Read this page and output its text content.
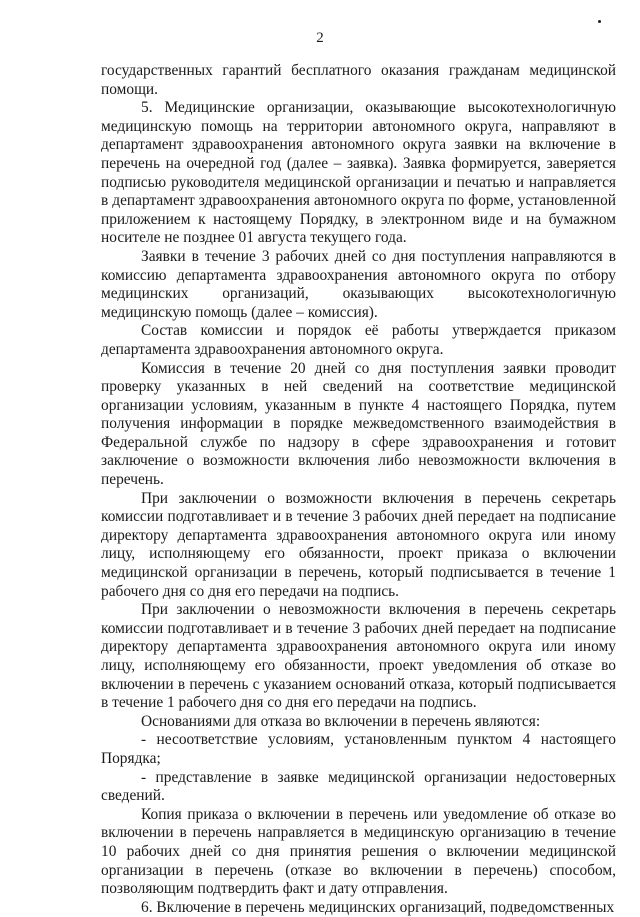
2

государственных гарантий бесплатного оказания гражданам медицинской помощи.

5. Медицинские организации, оказывающие высокотехнологичную медицинскую помощь на территории автономного округа, направляют в департамент здравоохранения автономного округа заявки на включение в перечень на очередной год (далее – заявка). Заявка формируется, заверяется подписью руководителя медицинской организации и печатью и направляется в департамент здравоохранения автономного округа по форме, установленной приложением к настоящему Порядку, в электронном виде и на бумажном носителе не позднее 01 августа текущего года.

Заявки в течение 3 рабочих дней со дня поступления направляются в комиссию департамента здравоохранения автономного округа по отбору медицинских организаций, оказывающих высокотехнологичную медицинскую помощь (далее – комиссия).

Состав комиссии и порядок её работы утверждается приказом департамента здравоохранения автономного округа.

Комиссия в течение 20 дней со дня поступления заявки проводит проверку указанных в ней сведений на соответствие медицинской организации условиям, указанным в пункте 4 настоящего Порядка, путем получения информации в порядке межведомственного взаимодействия в Федеральной службе по надзору в сфере здравоохранения и готовит заключение о возможности включения либо невозможности включения в перечень.

При заключении о возможности включения в перечень секретарь комиссии подготавливает и в течение 3 рабочих дней передает на подписание директору департамента здравоохранения автономного округа или иному лицу, исполняющему его обязанности, проект приказа о включении медицинской организации в перечень, который подписывается в течение 1 рабочего дня со дня его передачи на подпись.

При заключении о невозможности включения в перечень секретарь комиссии подготавливает и в течение 3 рабочих дней передает на подписание директору департамента здравоохранения автономного округа или иному лицу, исполняющему его обязанности, проект уведомления об отказе во включении в перечень с указанием оснований отказа, который подписывается в течение 1 рабочего дня со дня его передачи на подпись.

Основаниями для отказа во включении в перечень являются:

- несоответствие условиям, установленным пунктом 4 настоящего Порядка;

- представление в заявке медицинской организации недостоверных сведений.

Копия приказа о включении в перечень или уведомление об отказе во включении в перечень направляется в медицинскую организацию в течение 10 рабочих дней со дня принятия решения о включении медицинской организации в перечень (отказе во включении в перечень) способом, позволяющим подтвердить факт и дату отправления.

6. Включение в перечень медицинских организаций, подведомственных
